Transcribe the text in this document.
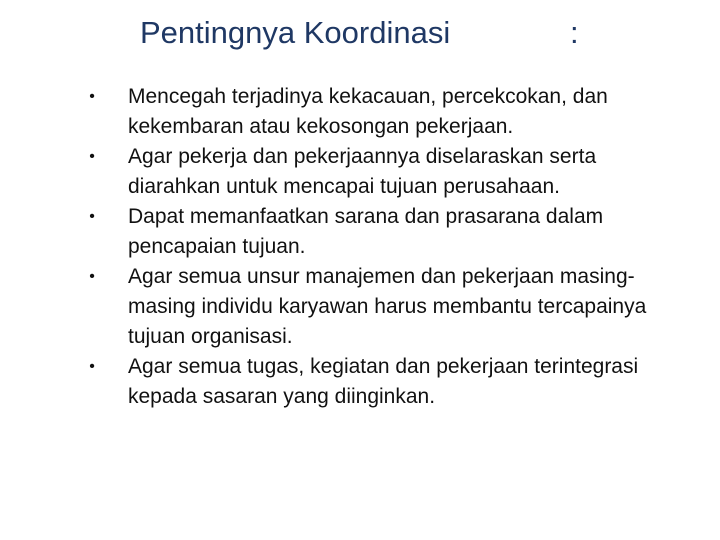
Pentingnya Koordinasi	:
• Mencegah terjadinya kekacauan, percekcokan, dan kekembaran atau kekosongan pekerjaan.
• Agar pekerja dan pekerjaannya diselaraskan serta diarahkan untuk mencapai tujuan perusahaan.
• Dapat memanfaatkan sarana dan prasarana dalam pencapaian tujuan.
• Agar semua unsur manajemen dan pekerjaan masing-masing individu karyawan harus membantu tercapainya tujuan organisasi.
• Agar semua tugas, kegiatan dan pekerjaan terintegrasi kepada sasaran yang diinginkan.
